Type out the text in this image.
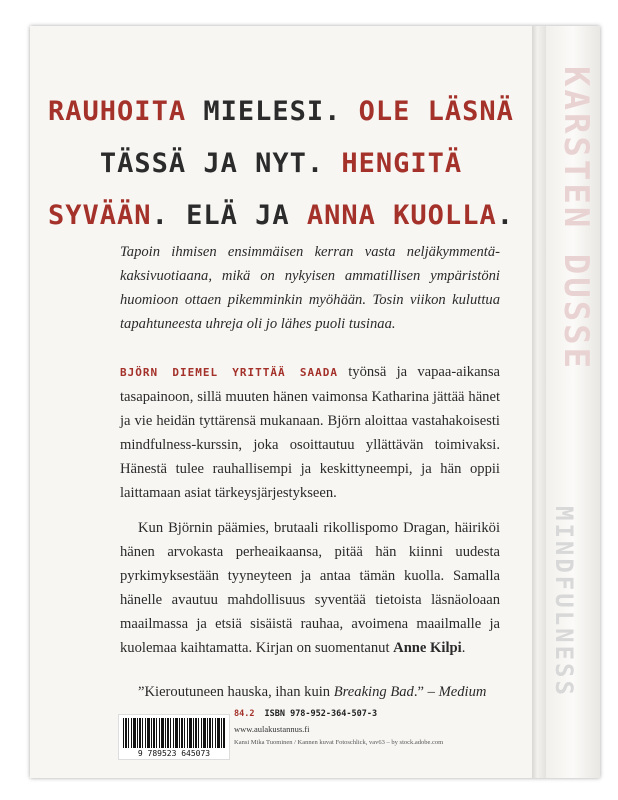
RAUHOITA MIELESI. OLE LÄSNÄ
TÄSSÄ JA NYT. HENGITÄ
SYVÄÄN. ELÄ JA ANNA KUOLLA.
Tapoin ihmisen ensimmäisen kerran vasta neljäkymmentäkaksivuotiaana, mikä on nykyisen ammatillisen ympäristöni huomioon ottaen pikemminkin myöhään. Tosin viikon kuluttua tapahtuneesta uhreja oli jo lähes puoli tusinaa.
BJÖRN DIEMEL YRITTÄÄ SAADA työnsä ja vapaa-aikansa tasapainoon, sillä muuten hänen vaimonsa Katharina jättää hänet ja vie heidän tyttärensä mukanaan. Björn aloittaa vastahakoisesti mindfulness-kurssin, joka osoittautuu yllättävän toimivaksi. Hänestä tulee rauhallisempi ja keskittyneempi, ja hän oppii laittamaan asiat tärkeysjärjestykseen.
Kun Björnin päämies, brutaali rikollispomo Dragan, häiriköi hänen arvokasta perheaikaansa, pitää hän kiinni uudesta pyrkimyksestään tyyneyteen ja antaa tämän kuolla. Samalla hänelle avautuu mahdollisuus syventää tietoista läsnäoloaan maailmassa ja etsiä sisäistä rauhaa, avoimena maailmalle ja kuolemaa kaihtamatta. Kirjan on suomentanut Anne Kilpi.
”Kieroutuneen hauska, ihan kuin Breaking Bad.” – Medium
9 789523 645073
84.2 ISBN 978-952-364-507-3
www.aulakustannus.fi
Kansi Mika Tuominen / Kannen kuvat Fotoschlick, vav63 – by stock.adobe.com
KARSTEN DUSSE
MINDFULNESS
